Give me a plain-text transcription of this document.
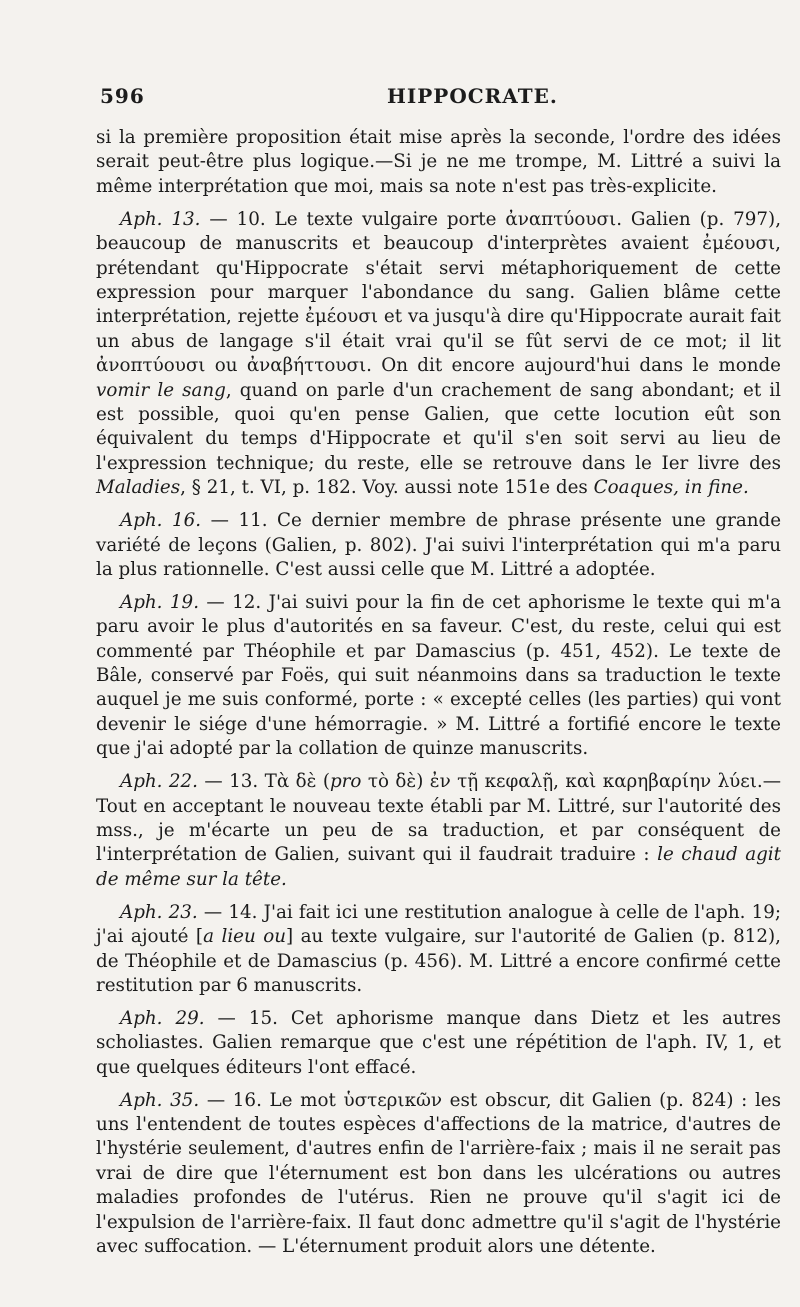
596	HIPPOCRATE.

si la première proposition était mise après la seconde, l'ordre des idées serait peut-être plus logique.—Si je ne me trompe, M. Littré a suivi la même interprétation que moi, mais sa note n'est pas très-explicite.

Aph. 13. — 10. Le texte vulgaire porte ἀναπτύουσι. Galien (p. 797), beaucoup de manuscrits et beaucoup d'interprètes avaient ἐμέουσι, prétendant qu'Hippocrate s'était servi métaphoriquement de cette expression pour marquer l'abondance du sang. Galien blâme cette interprétation, rejette ἐμέουσι et va jusqu'à dire qu'Hippocrate aurait fait un abus de langage s'il était vrai qu'il se fût servi de ce mot; il lit ἀνοπτύουσι ou ἀναβήττουσι. On dit encore aujourd'hui dans le monde vomir le sang, quand on parle d'un crachement de sang abondant; et il est possible, quoi qu'en pense Galien, que cette locution eût son équivalent du temps d'Hippocrate et qu'il s'en soit servi au lieu de l'expression technique; du reste, elle se retrouve dans le Ier livre des Maladies, § 21, t. VI, p. 182. Voy. aussi note 151e des Coaques, in fine.

Aph. 16. — 11. Ce dernier membre de phrase présente une grande variété de leçons (Galien, p. 802). J'ai suivi l'interprétation qui m'a paru la plus rationnelle. C'est aussi celle que M. Littré a adoptée.

Aph. 19. — 12. J'ai suivi pour la fin de cet aphorisme le texte qui m'a paru avoir le plus d'autorités en sa faveur. C'est, du reste, celui qui est commenté par Théophile et par Damascius (p. 451, 452). Le texte de Bâle, conservé par Foës, qui suit néanmoins dans sa traduction le texte auquel je me suis conformé, porte : « excepté celles (les parties) qui vont devenir le siége d'une hémorragie. » M. Littré a fortifié encore le texte que j'ai adopté par la collation de quinze manuscrits.

Aph. 22. — 13. Τὰ δὲ (pro τὸ δὲ) ἐν τῇ κεφαλῇ, καὶ καρηβαρίην λύει.— Tout en acceptant le nouveau texte établi par M. Littré, sur l'autorité des mss., je m'écarte un peu de sa traduction, et par conséquent de l'interprétation de Galien, suivant qui il faudrait traduire : le chaud agit de même sur la tête.

Aph. 23. — 14. J'ai fait ici une restitution analogue à celle de l'aph. 19; j'ai ajouté [a lieu ou] au texte vulgaire, sur l'autorité de Galien (p. 812), de Théophile et de Damascius (p. 456). M. Littré a encore confirmé cette restitution par 6 manuscrits.

Aph. 29. — 15. Cet aphorisme manque dans Dietz et les autres scholiastes. Galien remarque que c'est une répétition de l'aph. IV, 1, et que quelques éditeurs l'ont effacé.

Aph. 35. — 16. Le mot ὑστερικῶν est obscur, dit Galien (p. 824) : les uns l'entendent de toutes espèces d'affections de la matrice, d'autres de l'hystérie seulement, d'autres enfin de l'arrière-faix ; mais il ne serait pas vrai de dire que l'éternument est bon dans les ulcérations ou autres maladies profondes de l'utérus. Rien ne prouve qu'il s'agit ici de l'expulsion de l'arrière-faix. Il faut donc admettre qu'il s'agit de l'hystérie avec suffocation. — L'éternument produit alors une détente.
